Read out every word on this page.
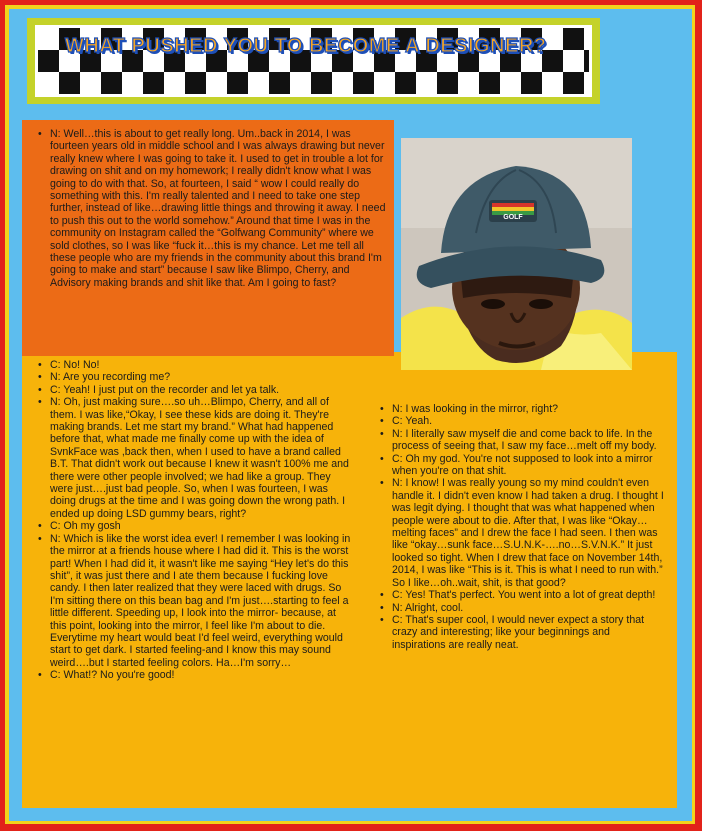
WHAT PUSHED YOU TO BECOME A DESIGNER?
GOLF
• N: Well…this is about to get really long. Um..back in 2014, I was fourteen years old in middle school and I was always drawing but never really knew where I was going to take it. I used to get in trouble a lot for drawing on shit and on my homework; I really didn't know what I was going to do with that. So, at fourteen, I said “ wow I could really do something with this. I'm really talented and I need to take one step further, instead of like…drawing little things and throwing it away. I need to push this out to the world somehow.” Around that time I was in the community on Instagram called the “Golfwang Community” where we sold clothes, so I was like “fuck it…this is my chance. Let me tell all these people who are my friends in the community about this brand I'm going to make and start” because I saw like Blimpo, Cherry, and Advisory making brands and shit like that. Am I going to fast?
• C: No! No!
• N: Are you recording me?
• C: Yeah! I just put on the recorder and let ya talk.
• N: Oh, just making sure….so uh…Blimpo, Cherry, and all of them. I was like,“Okay, I see these kids are doing it. They're making brands. Let me start my brand.” What had happened before that, what made me finally come up with the idea of SvnkFace was ,back then, when I used to have a brand called B.T. That didn't work out because I knew it wasn't 100% me and there were other people involved; we had like a group. They were just….just bad people. So, when I was fourteen, I was doing drugs at the time and I was going down the wrong path. I ended up doing LSD gummy bears, right?
• C: Oh my gosh
• N: Which is like the worst idea ever! I remember I was looking in the mirror at a friends house where I had did it. This is the worst part! When I had did it, it wasn't like me saying “Hey let's do this shit”, it was just there and I ate them because I fucking love candy. I then later realized that they were laced with drugs. So I'm sitting there on this bean bag and I'm just….starting to feel a little different. Speeding up, I look into the mirror- because, at this point, looking into the mirror, I feel like I'm about to die. Everytime my heart would beat I'd feel weird, everything would start to get dark. I started feeling-and I know this may sound weird….but I started feeling colors. Ha…I'm sorry…
• C: What!? No you're good!
• N: I was looking in the mirror, right?
• C: Yeah.
• N: I literally saw myself die and come back to life. In the process of seeing that, I saw my face…melt off my body.
• C: Oh my god. You're not supposed to look into a mirror when you're on that shit.
• N: I know! I was really young so my mind couldn't even handle it. I didn't even know I had taken a drug. I thought I was legit dying. I thought that was what happened when people were about to die. After that, I was like “Okay…melting faces” and I drew the face I had seen. I then was like “okay…sunk face…S.U.N.K-….no…S.V.N.K.” It just looked so tight. When I drew that face on November 14th, 2014, I was like “This is it. This is what I need to run with.” So I like…oh..wait, shit, is that good?
• C: Yes! That's perfect. You went into a lot of great depth!
• N: Alright, cool.
• C: That's super cool, I would never expect a story that crazy and interesting; like your beginnings and inspirations are really neat.
